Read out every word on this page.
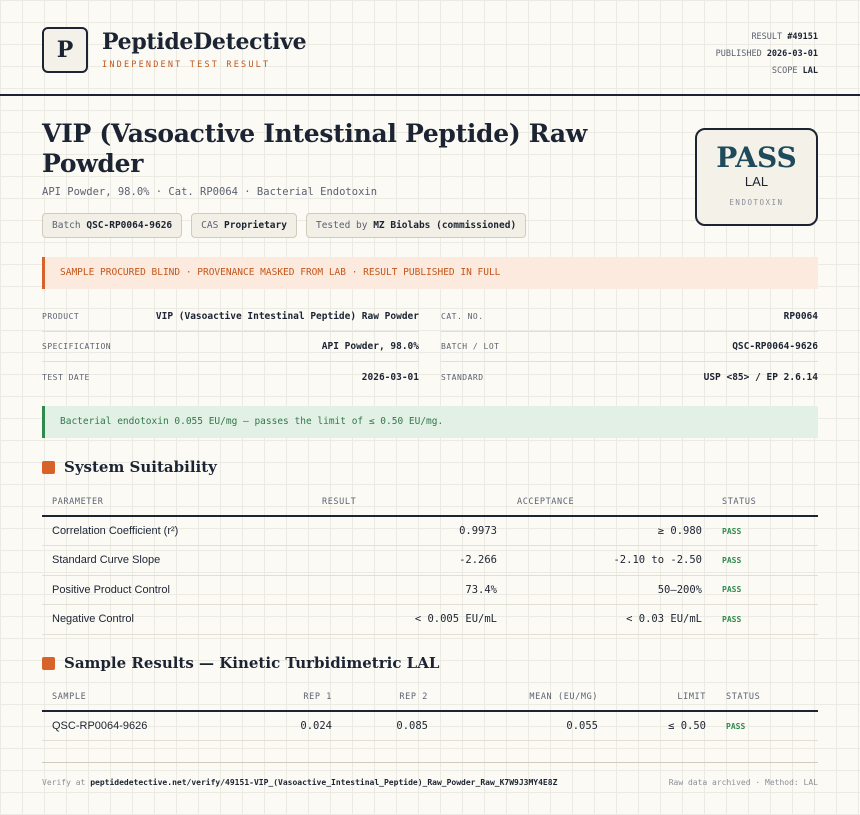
P	PeptideDetective
INDEPENDENT TEST RESULT
RESULT #49151
PUBLISHED 2026-03-01
SCOPE LAL
VIP (Vasoactive Intestinal Peptide) Raw Powder
API Powder, 98.0% · Cat. RP0064 · Bacterial Endotoxin
Batch QSC-RP0064-9626	CAS Proprietary	Tested by MZ Biolabs (commissioned)
PASS
LAL
ENDOTOXIN
SAMPLE PROCURED BLIND · PROVENANCE MASKED FROM LAB · RESULT PUBLISHED IN FULL
PRODUCT	VIP (Vasoactive Intestinal Peptide) Raw Powder
SPECIFICATION	API Powder, 98.0%
TEST DATE	2026-03-01
CAT. NO.	RP0064
BATCH / LOT	QSC-RP0064-9626
STANDARD	USP <85> / EP 2.6.14
Bacterial endotoxin 0.055 EU/mg — passes the limit of ≤ 0.50 EU/mg.
System Suitability
PARAMETER	RESULT	ACCEPTANCE	STATUS
Correlation Coefficient (r²)	0.9973	≥ 0.980	PASS
Standard Curve Slope	-2.266	-2.10 to -2.50	PASS
Positive Product Control	73.4%	50–200%	PASS
Negative Control	< 0.005 EU/mL	< 0.03 EU/mL	PASS
Sample Results — Kinetic Turbidimetric LAL
SAMPLE	REP 1	REP 2	MEAN (EU/MG)	LIMIT	STATUS
QSC-RP0064-9626	0.024	0.085	0.055	≤ 0.50	PASS
Verify at peptidedetective.net/verify/49151-VIP_(Vasoactive_Intestinal_Peptide)_Raw_Powder_Raw_K7W9J3MY4E8Z	Raw data archived · Method: LAL
